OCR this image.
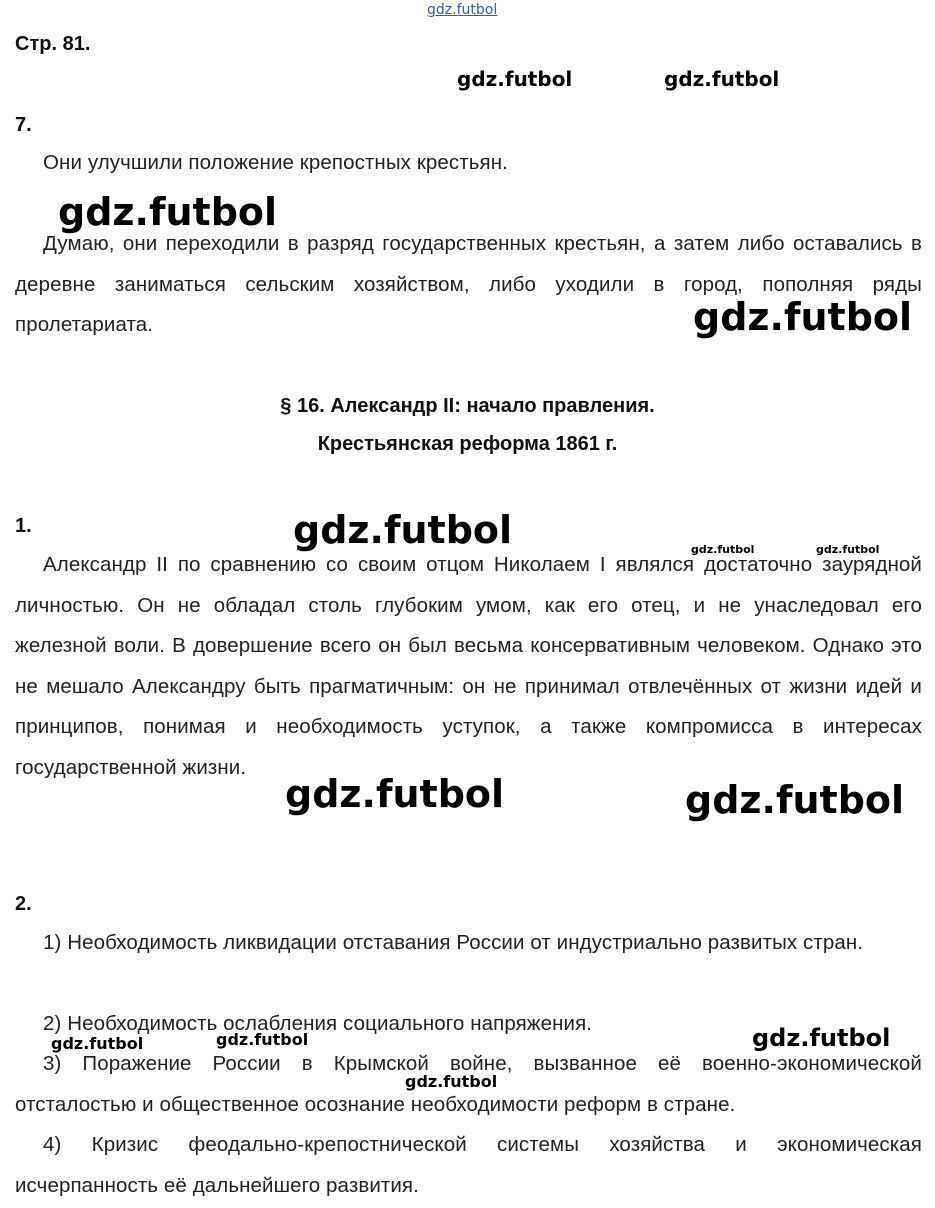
gdz.futbol

Стр. 81.

gdz.futbol	gdz.futbol

7.

Они улучшили положение крепостных крестьян.

gdz.futbol

Думаю, они переходили в разряд государственных крестьян, а затем либо оставались в деревне заниматься сельским хозяйством, либо уходили в город, пополняя ряды пролетариата.	gdz.futbol

§ 16. Александр II: начало правления.

Крестьянская реформа 1861 г.

1.	gdz.futbol	gdz.futbol	gdz.futbol

Александр II по сравнению со своим отцом Николаем I являлся достаточно заурядной личностью. Он не обладал столь глубоким умом, как его отец, и не унаследовал его железной воли. В довершение всего он был весьма консервативным человеком. Однако это не мешало Александру быть прагматичным: он не принимал отвлечённых от жизни идей и принципов, понимая и необходимость уступок, а также компромисса в интересах государственной жизни.

gdz.futbol	gdz.futbol

2.

1) Необходимость ликвидации отставания России от индустриально развитых стран.

2) Необходимость ослабления социального напряжения.

3) Поражение России в Крымской войне, вызванное её военно-экономической отсталостью и общественное осознание необходимости реформ в стране.

4) Кризис феодально-крепостнической системы хозяйства и экономическая исчерпанность её дальнейшего развития.

gdz.futbol

gdz.futbol	gdz.futbol

gdz.futbol
